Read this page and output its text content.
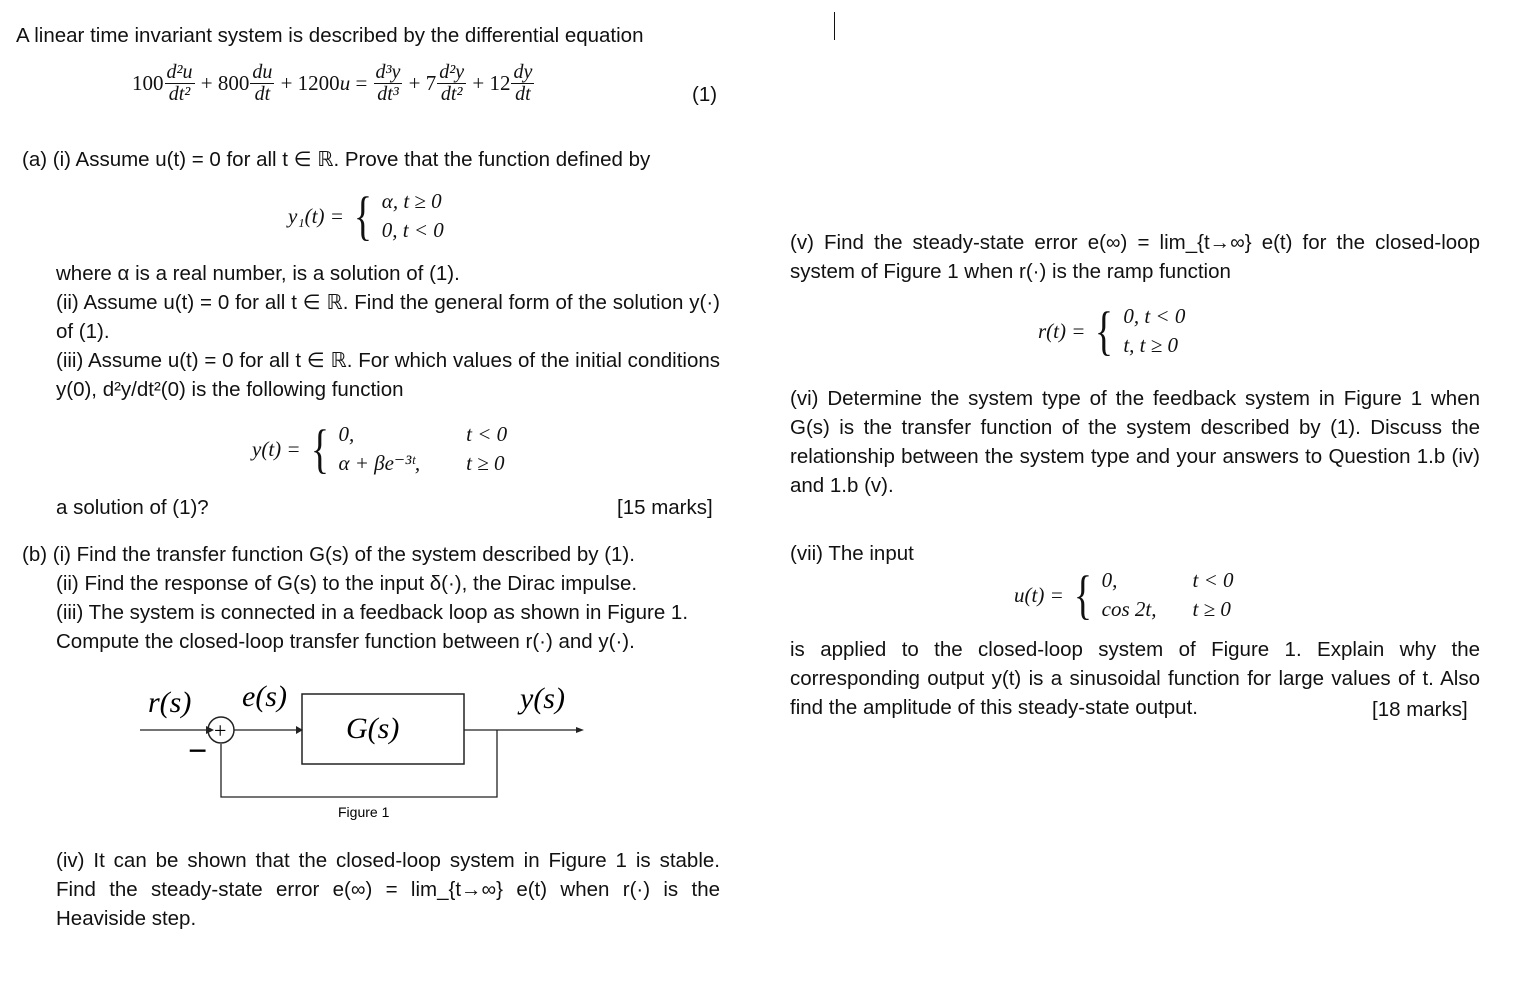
A linear time invariant system is described by the differential equation

$100 \frac{\text{d²u}}{\text{dt²}} + 800 \frac{du}{dt} + 1200$ $u = \frac{\text{d³y}}{\text{dt³}} + 7 \frac{\text{d²y}}{\text{dt²}} + 12 \frac{dy}{dt}$	(1)

(a) (i) Assume u(t) = 0 for all t ∈ ℝ. Prove that the function defined by

y₁(t) = { α, t ≥ 0
0, t < 0

where α is a real number, is a solution of (1).

(ii) Assume u(t) = 0 for all t ∈ ℝ. Find the general form of the solution y(·) of (1).

(iii) Assume u(t) = 0 for all t ∈ ℝ. For which values of the initial conditions y(0), d²y/dt²(0) is the following function

y(t) = { 0,	t < 0
α + βe⁻³ᵗ,	t ≥ 0

a solution of (1)?	[15 marks]

(b) (i) Find the transfer function G(s) of the system described by (1).

(ii) Find the response of G(s) to the input δ(·), the Dirac impulse.

(iii) The system is connected in a feedback loop as shown in Figure 1. Compute the closed-loop transfer function between r(·) and y(·).

r(s) e(s)
+
−
G(s)
y(s)
Figure 1

(iv) It can be shown that the closed-loop system in Figure 1 is stable. Find the steady-state error e(∞) = lim_{t→∞} e(t) when r(·) is the Heaviside step.

(v) Find the steady-state error e(∞) = lim_{t→∞} e(t) for the closed-loop system of Figure 1 when r(·) is the ramp function

r(t) = { 0, t < 0
t, t ≥ 0

(vi) Determine the system type of the feedback system in Figure 1 when G(s) is the transfer function of the system described by (1). Discuss the relationship between the system type and your answers to Question 1.b (iv) and 1.b (v).

(vii) The input

u(t) = { 0,	t < 0
cos 2t,	t ≥ 0

is applied to the closed-loop system of Figure 1. Explain why the corresponding output y(t) is a sinusoidal function for large values of t. Also find the amplitude of this steady-state output.	[18 marks]
